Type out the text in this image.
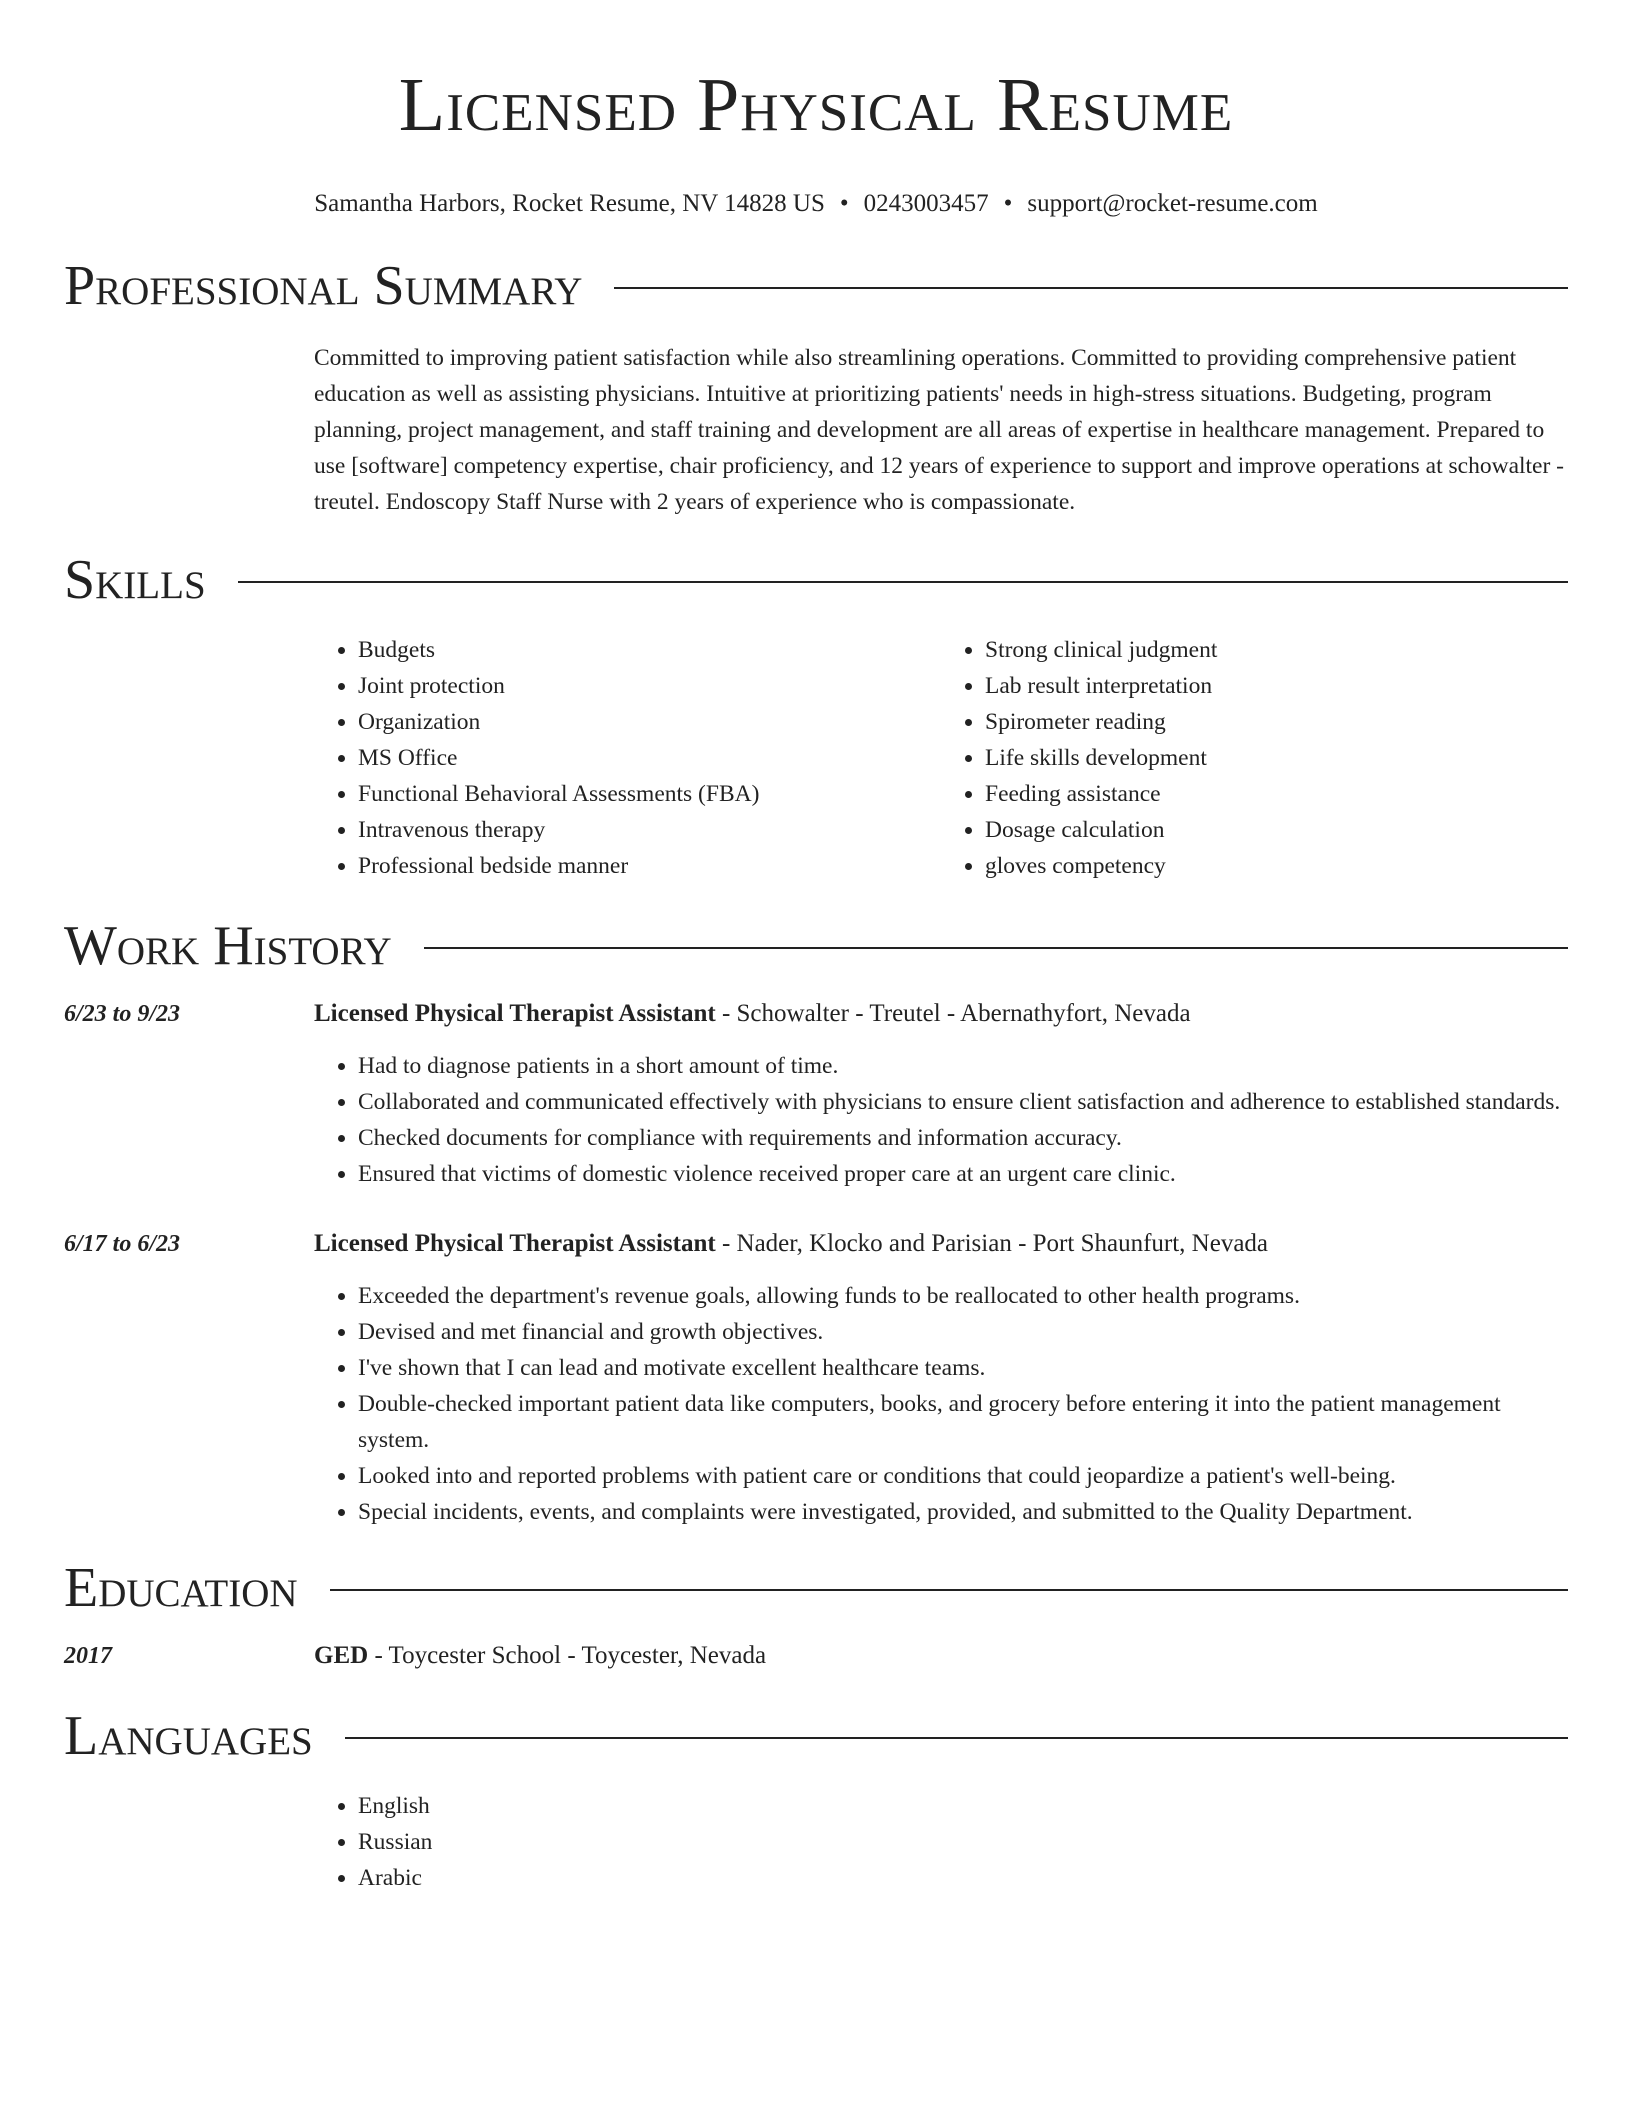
Licensed Physical Resume
Samantha Harbors, Rocket Resume, NV 14828 US • 0243003457 • support@rocket-resume.com
Professional Summary
Committed to improving patient satisfaction while also streamlining operations. Committed to providing comprehensive patient education as well as assisting physicians. Intuitive at prioritizing patients' needs in high-stress situations. Budgeting, program planning, project management, and staff training and development are all areas of expertise in healthcare management. Prepared to use [software] competency expertise, chair proficiency, and 12 years of experience to support and improve operations at schowalter - treutel. Endoscopy Staff Nurse with 2 years of experience who is compassionate.
Skills
• Budgets
• Joint protection
• Organization
• MS Office
• Functional Behavioral Assessments (FBA)
• Intravenous therapy
• Professional bedside manner
• Strong clinical judgment
• Lab result interpretation
• Spirometer reading
• Life skills development
• Feeding assistance
• Dosage calculation
• gloves competency
Work History
6/23 to 9/23	Licensed Physical Therapist Assistant - Schowalter - Treutel - Abernathyfort, Nevada
• Had to diagnose patients in a short amount of time.
• Collaborated and communicated effectively with physicians to ensure client satisfaction and adherence to established standards.
• Checked documents for compliance with requirements and information accuracy.
• Ensured that victims of domestic violence received proper care at an urgent care clinic.
6/17 to 6/23	Licensed Physical Therapist Assistant - Nader, Klocko and Parisian - Port Shaunfurt, Nevada
• Exceeded the department's revenue goals, allowing funds to be reallocated to other health programs.
• Devised and met financial and growth objectives.
• I've shown that I can lead and motivate excellent healthcare teams.
• Double-checked important patient data like computers, books, and grocery before entering it into the patient management system.
• Looked into and reported problems with patient care or conditions that could jeopardize a patient's well-being.
• Special incidents, events, and complaints were investigated, provided, and submitted to the Quality Department.
Education
2017	GED - Toycester School - Toycester, Nevada
Languages
• English
• Russian
• Arabic
